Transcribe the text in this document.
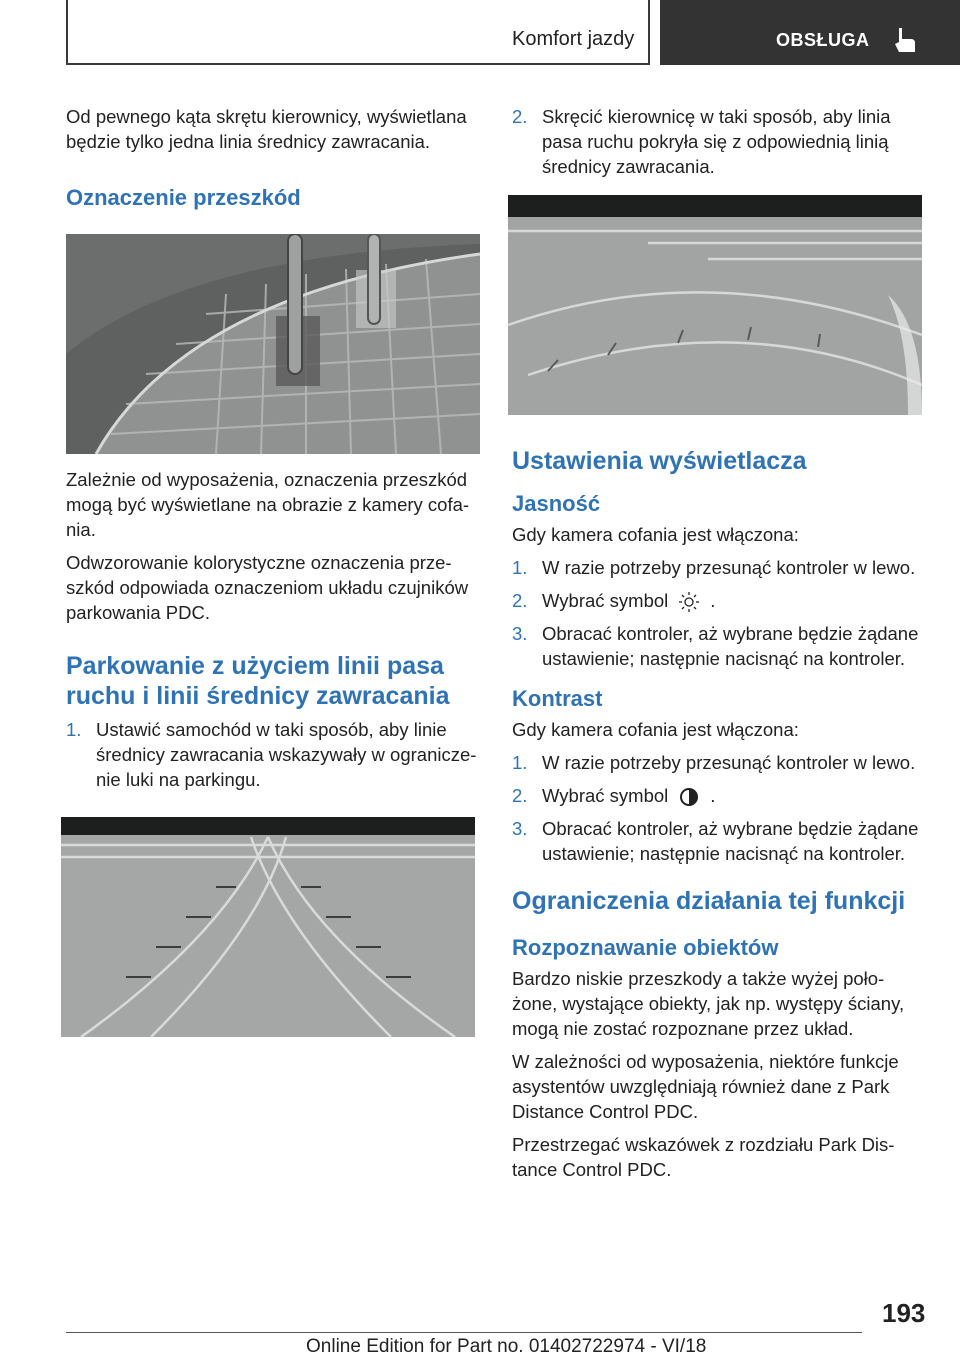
Komfort jazdy	OBSŁUGA

Od pewnego kąta skrętu kierownicy, wyświetlana będzie tylko jedna linia średnicy zawracania.

Oznaczenie przeszkód

Zależnie od wyposażenia, oznaczenia przeszkód mogą być wyświetlane na obrazie z kamery cofa- nia.

Odwzorowanie kolorystyczne oznaczenia prze- szkód odpowiada oznaczeniom układu czujników parkowania PDC.

Parkowanie z użyciem linii pasa ruchu i linii średnicy zawracania
1. Ustawić samochód w taki sposób, aby linie średnicy zawracania wskazywały w ogranicze- nie luki na parkingu.
2. Skręcić kierownicę w taki sposób, aby linia pasa ruchu pokryła się z odpowiednią linią średnicy zawracania.
Ustawienia wyświetlacza
Jasność

Gdy kamera cofania jest włączona:

1. W razie potrzeby przesunąć kontroler w lewo.
2. Wybrać symbol .
3. Obracać kontroler, aż wybrane będzie żądane ustawienie; następnie nacisnąć na kontroler.
Kontrast

Gdy kamera cofania jest włączona:

1. W razie potrzeby przesunąć kontroler w lewo.
2. Wybrać symbol .
3. Obracać kontroler, aż wybrane będzie żądane ustawienie; następnie nacisnąć na kontroler.
Ograniczenia działania tej funkcji
Rozpoznawanie obiektów

Bardzo niskie przeszkody a także wyżej poło- żone, wystające obiekty, jak np. występy ściany, mogą nie zostać rozpoznane przez układ.

W zależności od wyposażenia, niektóre funkcje asystentów uwzględniają również dane z Park Distance Control PDC.

Przestrzegać wskazówek z rozdziału Park Dis- tance Control PDC.

193
Online Edition for Part no. 01402722974 - VI/18
